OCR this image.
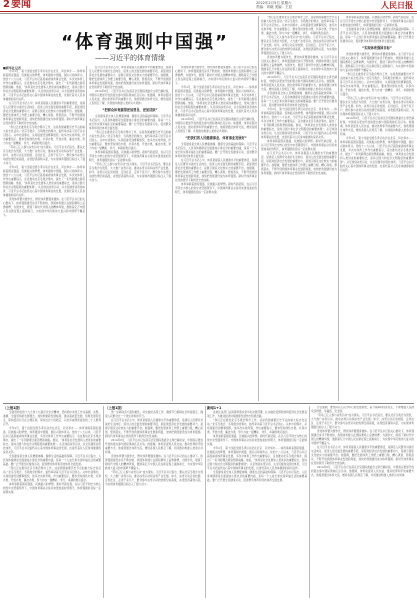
2 要闻	2022年2月5日 星期六
责编：刘晓 美编：王辰	人民日报
“体育强则中国强”
——习近平的体育情缘
■新华社记者
今年2月，第十四届全国冬季运动会在北京、河北举办……体育承载着国家强盛、民族振兴的梦想，体育强则中国强，国运兴则体育兴。党的十八大以来，习近平总书记高度重视体育事业发展，多次对体育工作作出重要指示，亲自推动北京冬奥会筹办，提出了一系列新理念新思想新战略。他说，“体育是社会发展和人类进步的重要标志，是综合国力和社会文明程度的重要体现”。从足球到冰雪运动，从全民健身到竞技体育，习近平总书记始终关心着中国体育事业的发展，也寄托着对人民身体健康的深切关怀。
在习近平总书记心中，体育是提高人民健康水平的重要途径，是满足人民群众对美好生活向往、促进人的全面发展的重要手段，是促进经济社会发展的重要动力，是展示国家文化软实力的重要平台。他强调，要把发展体育工作摆上重要日程，精心谋划，狠抓落实，不断开创我国体育事业发展新局面，加快把我国建设成为体育强国。新时代体育事业在党的领导下取得历史性成就。
“我们正在推进北京冬奥会筹办工作，这是我国重要历史节点的重大标志性活动。”北京冬奥会、冬残奥会的筹办，始终牵动着习近平总书记的心。从申办到筹办，从场馆建设到赛事组织，他多次实地考察，作出重要指示，要求坚持绿色办奥、共享办奥、开放办奥、廉洁办奥，努力办成一届精彩、非凡、卓越的奥运盛会。
“带动三亿人参与冰雪运动”成为现实。习近平总书记指出，要以北京冬奥会为契机，大力推广冰雪运动，推动冰雪运动和冰雪产业发展。如今，冰雪运动走进校园、走进社区、走进千家万户，群众参与冰雪运动的热情空前高涨，冰雪经济蓬勃兴起，为实现体育强国目标注入了强大动力。
今年2月，第十四届全国冬季运动会在北京、河北举办……体育承载着国家强盛、民族振兴的梦想，体育强则中国强，国运兴则体育兴。党的十八大以来，习近平总书记高度重视体育事业发展，多次对体育工作作出重要指示，亲自推动北京冬奥会筹办，提出了一系列新理念新思想新战略。他说，“体育是社会发展和人类进步的重要标志，是综合国力和社会文明程度的重要体现”。从足球到冰雪运动，从全民健身到竞技体育，习近平总书记始终关心着中国体育事业的发展，也寄托着对人民身体健康的深切关怀。
竞技体育要为国争光，群众体育要强身健体。在习近平总书记的关心推动下，体育强国建设步伐不断加快，我国体育健儿在国际赛场上奋勇拼搏，为国争光，展现了新时代中国人的精神风貌，激励着亿万中国人民在新征程上砥砺前行，为实现中华民族伟大复兴的中国梦不懈奋斗。
在习近平总书记心中，体育是提高人民健康水平的重要途径，是满足人民群众对美好生活向往、促进人的全面发展的重要手段，是促进经济社会发展的重要动力，是展示国家文化软实力的重要平台。他强调，要把发展体育工作摆上重要日程，精心谋划，狠抓落实，不断开创我国体育事业发展新局面，加快把我国建设成为体育强国。新时代体育事业在党的领导下取得历史性成就。
2014年8月，习近平总书记在南京会见国际奥委会主席巴赫时说，中国将以更加开放的姿态参与国际奥林匹克运动。他强调，体育是促进人民友谊、推动世界和平的重要方式。他希望通过体育交流，增进各国人民相互了解，共同推动构建人类命运共同体。
“把群众体育搞得更加普及、更加活跃”
全民健身是全体人民增强体魄、健康生活的基础和保障。习近平总书记指出，人民身体健康是全面建成小康社会的重要内涵，是每一个人成长和实现幸福生活的重要基础。要广泛开展全民健身运动，促进群众体育和竞技体育全面发展。
“我们正在推进北京冬奥会筹办工作，这是我国重要历史节点的重大标志性活动。”北京冬奥会、冬残奥会的筹办，始终牵动着习近平总书记的心。从申办到筹办，从场馆建设到赛事组织，他多次实地考察，作出重要指示，要求坚持绿色办奥、共享办奥、开放办奥、廉洁办奥，努力办成一届精彩、非凡、卓越的奥运盛会。
体育承载着国家强盛、民族振兴的梦想。新时代新征程，在以习近平同志为核心的党中央坚强领导下，中国体育事业必将迎来更加美好的明天，体育强国的目标一定能够实现。
“带动三亿人参与冰雪运动”成为现实。习近平总书记指出，要以北京冬奥会为契机，大力推广冰雪运动，推动冰雪运动和冰雪产业发展。如今，冰雪运动走进校园、走进社区、走进千家万户，群众参与冰雪运动的热情空前高涨，冰雪经济蓬勃兴起，为实现体育强国目标注入了强大动力。
竞技体育要为国争光，群众体育要强身健体。在习近平总书记的关心推动下，体育强国建设步伐不断加快，我国体育健儿在国际赛场上奋勇拼搏，为国争光，展现了新时代中国人的精神风貌，激励着亿万中国人民在新征程上砥砺前行，为实现中华民族伟大复兴的中国梦不懈奋斗。
今年2月，第十四届全国冬季运动会在北京、河北举办……体育承载着国家强盛、民族振兴的梦想，体育强则中国强，国运兴则体育兴。党的十八大以来，习近平总书记高度重视体育事业发展，多次对体育工作作出重要指示，亲自推动北京冬奥会筹办，提出了一系列新理念新思想新战略。他说，“体育是社会发展和人类进步的重要标志，是综合国力和社会文明程度的重要体现”。从足球到冰雪运动，从全民健身到竞技体育，习近平总书记始终关心着中国体育事业的发展，也寄托着对人民身体健康的深切关怀。
2014年8月，习近平总书记在南京会见国际奥委会主席巴赫时说，中国将以更加开放的姿态参与国际奥林匹克运动。他强调，体育是促进人民友谊、推动世界和平的重要方式。他希望通过体育交流，增进各国人民相互了解，共同推动构建人类命运共同体。
“把我们的人民健康事业、体育事业发展好”
全民健身是全体人民增强体魄、健康生活的基础和保障。习近平总书记指出，人民身体健康是全面建成小康社会的重要内涵，是每一个人成长和实现幸福生活的重要基础。要广泛开展全民健身运动，促进群众体育和竞技体育全面发展。
在习近平总书记心中，体育是提高人民健康水平的重要途径，是满足人民群众对美好生活向往、促进人的全面发展的重要手段，是促进经济社会发展的重要动力，是展示国家文化软实力的重要平台。他强调，要把发展体育工作摆上重要日程，精心谋划，狠抓落实，不断开创我国体育事业发展新局面，加快把我国建设成为体育强国。新时代体育事业在党的领导下取得历史性成就。
体育承载着国家强盛、民族振兴的梦想。新时代新征程，在以习近平同志为核心的党中央坚强领导下，中国体育事业必将迎来更加美好的明天，体育强国的目标一定能够实现。
“我们正在推进北京冬奥会筹办工作，这是我国重要历史节点的重大标志性活动。”北京冬奥会、冬残奥会的筹办，始终牵动着习近平总书记的心。从申办到筹办，从场馆建设到赛事组织，他多次实地考察，作出重要指示，要求坚持绿色办奥、共享办奥、开放办奥、廉洁办奥，努力办成一届精彩、非凡、卓越的奥运盛会。
“带动三亿人参与冰雪运动”成为现实。习近平总书记指出，要以北京冬奥会为契机，大力推广冰雪运动，推动冰雪运动和冰雪产业发展。如今，冰雪运动走进校园、走进社区、走进千家万户，群众参与冰雪运动的热情空前高涨，冰雪经济蓬勃兴起，为实现体育强国目标注入了强大动力。
竞技体育要为国争光，群众体育要强身健体。在习近平总书记的关心推动下，体育强国建设步伐不断加快，我国体育健儿在国际赛场上奋勇拼搏，为国争光，展现了新时代中国人的精神风貌，激励着亿万中国人民在新征程上砥砺前行，为实现中华民族伟大复兴的中国梦不懈奋斗。
2014年8月，习近平总书记在南京会见国际奥委会主席巴赫时说，中国将以更加开放的姿态参与国际奥林匹克运动。他强调，体育是促进人民友谊、推动世界和平的重要方式。他希望通过体育交流，增进各国人民相互了解，共同推动构建人类命运共同体。
全民健身是全体人民增强体魄、健康生活的基础和保障。习近平总书记指出，人民身体健康是全面建成小康社会的重要内涵，是每一个人成长和实现幸福生活的重要基础。要广泛开展全民健身运动，促进群众体育和竞技体育全面发展。
今年2月，第十四届全国冬季运动会在北京、河北举办……体育承载着国家强盛、民族振兴的梦想，体育强则中国强，国运兴则体育兴。党的十八大以来，习近平总书记高度重视体育事业发展，多次对体育工作作出重要指示，亲自推动北京冬奥会筹办，提出了一系列新理念新思想新战略。他说，“体育是社会发展和人类进步的重要标志，是综合国力和社会文明程度的重要体现”。从足球到冰雪运动，从全民健身到竞技体育，习近平总书记始终关心着中国体育事业的发展，也寄托着对人民身体健康的深切关怀。
体育承载着国家强盛、民族振兴的梦想。新时代新征程，在以习近平同志为核心的党中央坚强领导下，中国体育事业必将迎来更加美好的明天，体育强国的目标一定能够实现。
在习近平总书记心中，体育是提高人民健康水平的重要途径，是满足人民群众对美好生活向往、促进人的全面发展的重要手段，是促进经济社会发展的重要动力，是展示国家文化软实力的重要平台。他强调，要把发展体育工作摆上重要日程，精心谋划，狠抓落实，不断开创我国体育事业发展新局面，加快把我国建设成为体育强国。新时代体育事业在党的领导下取得历史性成就。
体育承载着国家强盛、民族振兴的梦想。新时代新征程，在以习近平同志为核心的党中央坚强领导下，中国体育事业必将迎来更加美好的明天，体育强国的目标一定能够实现。
全民健身是全体人民增强体魄、健康生活的基础和保障。习近平总书记指出，人民身体健康是全面建成小康社会的重要内涵，是每一个人成长和实现幸福生活的重要基础。要广泛开展全民健身运动，促进群众体育和竞技体育全面发展。
“实现体育强国目标”
竞技体育要为国争光，群众体育要强身健体。在习近平总书记的关心推动下，体育强国建设步伐不断加快，我国体育健儿在国际赛场上奋勇拼搏，为国争光，展现了新时代中国人的精神风貌，激励着亿万中国人民在新征程上砥砺前行，为实现中华民族伟大复兴的中国梦不懈奋斗。
“我们正在推进北京冬奥会筹办工作，这是我国重要历史节点的重大标志性活动。”北京冬奥会、冬残奥会的筹办，始终牵动着习近平总书记的心。从申办到筹办，从场馆建设到赛事组织，他多次实地考察，作出重要指示，要求坚持绿色办奥、共享办奥、开放办奥、廉洁办奥，努力办成一届精彩、非凡、卓越的奥运盛会。
“带动三亿人参与冰雪运动”成为现实。习近平总书记指出，要以北京冬奥会为契机，大力推广冰雪运动，推动冰雪运动和冰雪产业发展。如今，冰雪运动走进校园、走进社区、走进千家万户，群众参与冰雪运动的热情空前高涨，冰雪经济蓬勃兴起，为实现体育强国目标注入了强大动力。
2014年8月，习近平总书记在南京会见国际奥委会主席巴赫时说，中国将以更加开放的姿态参与国际奥林匹克运动。他强调，体育是促进人民友谊、推动世界和平的重要方式。他希望通过体育交流，增进各国人民相互了解，共同推动构建人类命运共同体。
今年2月，第十四届全国冬季运动会在北京、河北举办……体育承载着国家强盛、民族振兴的梦想，体育强则中国强，国运兴则体育兴。党的十八大以来，习近平总书记高度重视体育事业发展，多次对体育工作作出重要指示，亲自推动北京冬奥会筹办，提出了一系列新理念新思想新战略。他说，“体育是社会发展和人类进步的重要标志，是综合国力和社会文明程度的重要体现”。从足球到冰雪运动，从全民健身到竞技体育，习近平总书记始终关心着中国体育事业的发展，也寄托着对人民身体健康的深切关怀。
（上接1版）
全面贯彻党的十九大和十九届历次全会精神，坚持稳中求进工作总基调，完整、准确、全面贯彻新发展理念，加快构建新发展格局，推动高质量发展，统筹发展和安全，保持经济运行在合理区间，保持社会大局稳定，以优异成绩迎接党的二十大胜利召开。
今年2月，第十四届全国冬季运动会在北京、河北举办……体育承载着国家强盛、民族振兴的梦想，体育强则中国强，国运兴则体育兴。党的十八大以来，习近平总书记高度重视体育事业发展，多次对体育工作作出重要指示，亲自推动北京冬奥会筹办，提出了一系列新理念新思想新战略。他说，“体育是社会发展和人类进步的重要标志，是综合国力和社会文明程度的重要体现”。从足球到冰雪运动，从全民健身到竞技体育，习近平总书记始终关心着中国体育事业的发展，也寄托着对人民身体健康的深切关怀。
全民健身是全体人民增强体魄、健康生活的基础和保障。习近平总书记指出，人民身体健康是全面建成小康社会的重要内涵，是每一个人成长和实现幸福生活的重要基础。要广泛开展全民健身运动，促进群众体育和竞技体育全面发展。
“我们正在推进北京冬奥会筹办工作，这是我国重要历史节点的重大标志性活动。”北京冬奥会、冬残奥会的筹办，始终牵动着习近平总书记的心。从申办到筹办，从场馆建设到赛事组织，他多次实地考察，作出重要指示，要求坚持绿色办奥、共享办奥、开放办奥、廉洁办奥，努力办成一届精彩、非凡、卓越的奥运盛会。
体育承载着国家强盛、民族振兴的梦想。新时代新征程，在以习近平同志为核心的党中央坚强领导下，中国体育事业必将迎来更加美好的明天，体育强国的目标一定能够实现。
（上接1版）
进一步调动各方面积极性，切实做好各项工作，确保节日期间社会和谐稳定，确保人民群众过一个欢乐祥和的节日。
在习近平总书记心中，体育是提高人民健康水平的重要途径，是满足人民群众对美好生活向往、促进人的全面发展的重要手段，是促进经济社会发展的重要动力，是展示国家文化软实力的重要平台。他强调，要把发展体育工作摆上重要日程，精心谋划，狠抓落实，不断开创我国体育事业发展新局面，加快把我国建设成为体育强国。新时代体育事业在党的领导下取得历史性成就。
2014年8月，习近平总书记在南京会见国际奥委会主席巴赫时说，中国将以更加开放的姿态参与国际奥林匹克运动。他强调，体育是促进人民友谊、推动世界和平的重要方式。他希望通过体育交流，增进各国人民相互了解，共同推动构建人类命运共同体。
竞技体育要为国争光，群众体育要强身健体。在习近平总书记的关心推动下，体育强国建设步伐不断加快，我国体育健儿在国际赛场上奋勇拼搏，为国争光，展现了新时代中国人的精神风貌，激励着亿万中国人民在新征程上砥砺前行，为实现中华民族伟大复兴的中国梦不懈奋斗。
“带动三亿人参与冰雪运动”成为现实。习近平总书记指出，要以北京冬奥会为契机，大力推广冰雪运动，推动冰雪运动和冰雪产业发展。如今，冰雪运动走进校园、走进社区、走进千家万户，群众参与冰雪运动的热情空前高涨，冰雪经济蓬勃兴起，为实现体育强国目标注入了强大动力。
新闻1+1
各地区各部门认真贯彻落实党中央决策部署，扎实做好疫情防控和经济社会发展各项工作，为推动经济持续健康发展作出积极贡献。
“我们正在推进北京冬奥会筹办工作，这是我国重要历史节点的重大标志性活动。”北京冬奥会、冬残奥会的筹办，始终牵动着习近平总书记的心。从申办到筹办，从场馆建设到赛事组织，他多次实地考察，作出重要指示，要求坚持绿色办奥、共享办奥、开放办奥、廉洁办奥，努力办成一届精彩、非凡、卓越的奥运盛会。
体育承载着国家强盛、民族振兴的梦想。新时代新征程，在以习近平同志为核心的党中央坚强领导下，中国体育事业必将迎来更加美好的明天，体育强国的目标一定能够实现。
今年2月，第十四届全国冬季运动会在北京、河北举办……体育承载着国家强盛、民族振兴的梦想，体育强则中国强，国运兴则体育兴。党的十八大以来，习近平总书记高度重视体育事业发展，多次对体育工作作出重要指示，亲自推动北京冬奥会筹办，提出了一系列新理念新思想新战略。他说，“体育是社会发展和人类进步的重要标志，是综合国力和社会文明程度的重要体现”。从足球到冰雪运动，从全民健身到竞技体育，习近平总书记始终关心着中国体育事业的发展，也寄托着对人民身体健康的深切关怀。
全民健身是全体人民增强体魄、健康生活的基础和保障。习近平总书记指出，人民身体健康是全面建成小康社会的重要内涵，是每一个人成长和实现幸福生活的重要基础。要广泛开展全民健身运动，促进群众体育和竞技体育全面发展。
会议强调，要坚持以人民为中心的发展思想，着力保障和改善民生，不断增强人民群众获得感、幸福感、安全感。
“带动三亿人参与冰雪运动”成为现实。习近平总书记指出，要以北京冬奥会为契机，大力推广冰雪运动，推动冰雪运动和冰雪产业发展。如今，冰雪运动走进校园、走进社区、走进千家万户，群众参与冰雪运动的热情空前高涨，冰雪经济蓬勃兴起，为实现体育强国目标注入了强大动力。
竞技体育要为国争光，群众体育要强身健体。在习近平总书记的关心推动下，体育强国建设步伐不断加快，我国体育健儿在国际赛场上奋勇拼搏，为国争光，展现了新时代中国人的精神风貌，激励着亿万中国人民在新征程上砥砺前行，为实现中华民族伟大复兴的中国梦不懈奋斗。
在习近平总书记心中，体育是提高人民健康水平的重要途径，是满足人民群众对美好生活向往、促进人的全面发展的重要手段，是促进经济社会发展的重要动力，是展示国家文化软实力的重要平台。他强调，要把发展体育工作摆上重要日程，精心谋划，狠抓落实，不断开创我国体育事业发展新局面，加快把我国建设成为体育强国。新时代体育事业在党的领导下取得历史性成就。
2014年8月，习近平总书记在南京会见国际奥委会主席巴赫时说，中国将以更加开放的姿态参与国际奥林匹克运动。他强调，体育是促进人民友谊、推动世界和平的重要方式。他希望通过体育交流，增进各国人民相互了解，共同推动构建人类命运共同体。
